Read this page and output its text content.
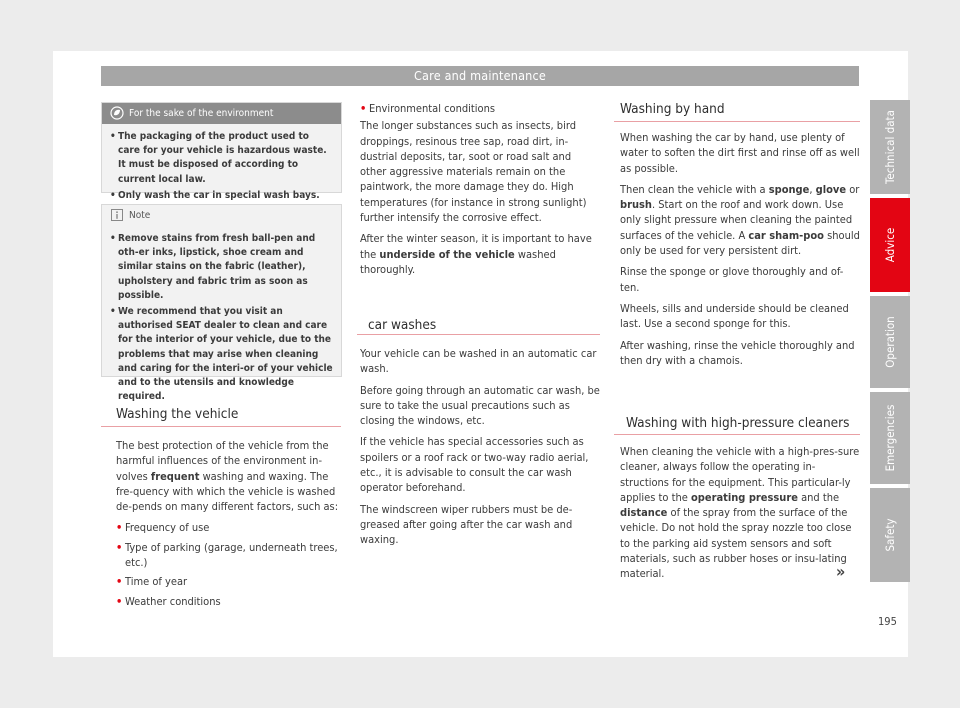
Care and maintenance
For the sake of the environment
• The packaging of the product used to care for your vehicle is hazardous waste. It must be disposed of according to current local law.
• Only wash the car in special wash bays.
Note
• Remove stains from fresh ball-pen and oth-er inks, lipstick, shoe cream and similar stains on the fabric (leather), upholstery and fabric trim as soon as possible.
• We recommend that you visit an authorised SEAT dealer to clean and care for the interior of your vehicle, due to the problems that may arise when cleaning and caring for the interi-or of your vehicle and to the utensils and knowledge required.
Washing the vehicle

The best protection of the vehicle from the harmful influences of the environment in-volves frequent washing and waxing. The fre-quency with which the vehicle is washed de-pends on many different factors, such as:

• Frequency of use
• Type of parking (garage, underneath trees, etc.)
• Time of year
• Weather conditions
• Environmental conditions

The longer substances such as insects, bird droppings, resinous tree sap, road dirt, in-dustrial deposits, tar, soot or road salt and other aggressive materials remain on the paintwork, the more damage they do. High temperatures (for instance in strong sunlight) further intensify the corrosive effect.

After the winter season, it is important to have the underside of the vehicle washed thoroughly.

car washes

Your vehicle can be washed in an automatic car wash.

Before going through an automatic car wash, be sure to take the usual precautions such as closing the windows, etc.

If the vehicle has special accessories such as spoilers or a roof rack or two-way radio aerial, etc., it is advisable to consult the car wash operator beforehand.

The windscreen wiper rubbers must be de-greased after going after the car wash and waxing.

Washing by hand

When washing the car by hand, use plenty of water to soften the dirt first and rinse off as well as possible.

Then clean the vehicle with a sponge, glove or brush. Start on the roof and work down. Use only slight pressure when cleaning the painted surfaces of the vehicle. A car sham-poo should only be used for very persistent dirt.

Rinse the sponge or glove thoroughly and of-ten.

Wheels, sills and underside should be cleaned last. Use a second sponge for this.

After washing, rinse the vehicle thoroughly and then dry with a chamois.

Washing with high-pressure cleaners

When cleaning the vehicle with a high-pres-sure cleaner, always follow the operating in-structions for the equipment. This particular-ly applies to the operating pressure and the distance of the spray from the surface of the vehicle. Do not hold the spray nozzle too close to the parking aid system sensors and soft materials, such as rubber hoses or insu-lating material.	»
Technical data
Advice
Operation
Emergencies
Safety
195
